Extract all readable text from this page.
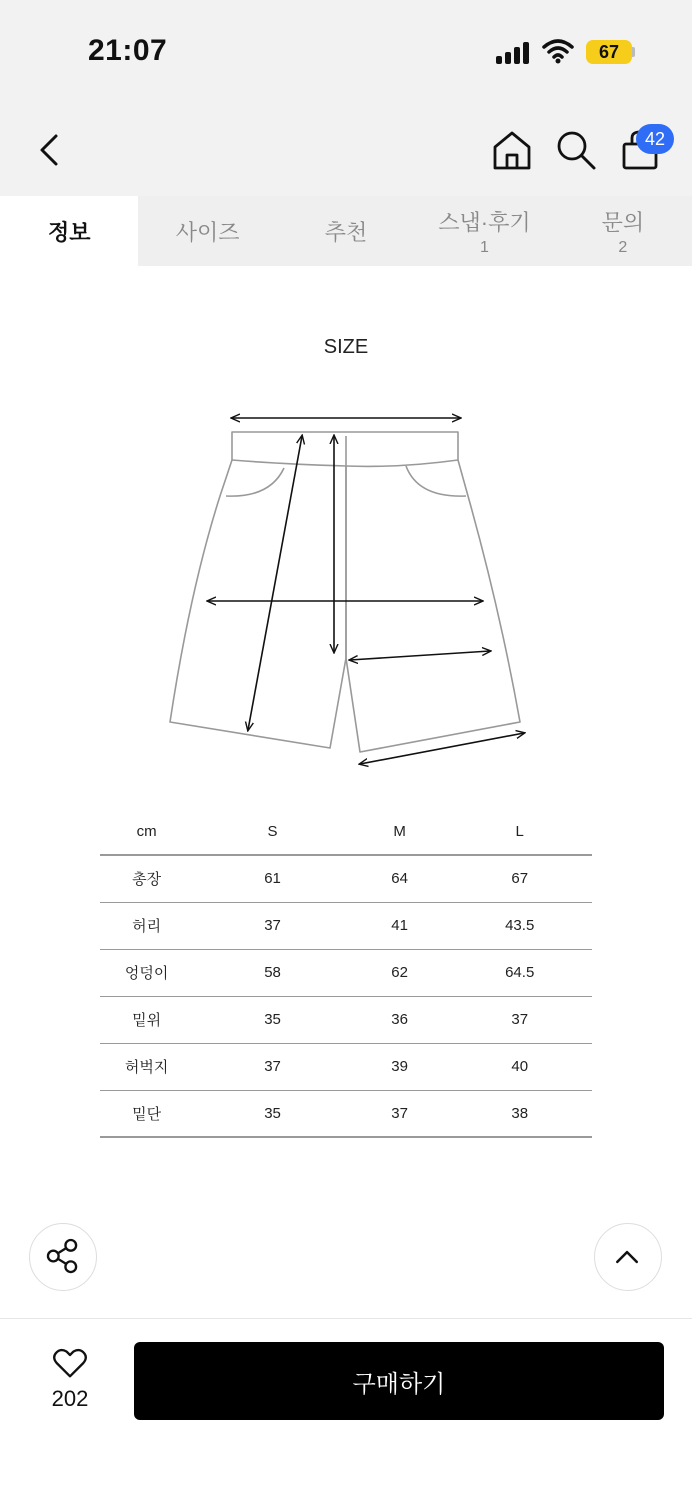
21:07	67
42
정보	사이즈	추천	스냅·후기
1
문의
2
SIZE
cm	S	M	L
총장	61	64	67
허리	37	41	43.5
엉덩이	58	62	64.5
밑위	35	36	37
허벅지	37	39	40
밑단	35	37	38
202
구매하기
